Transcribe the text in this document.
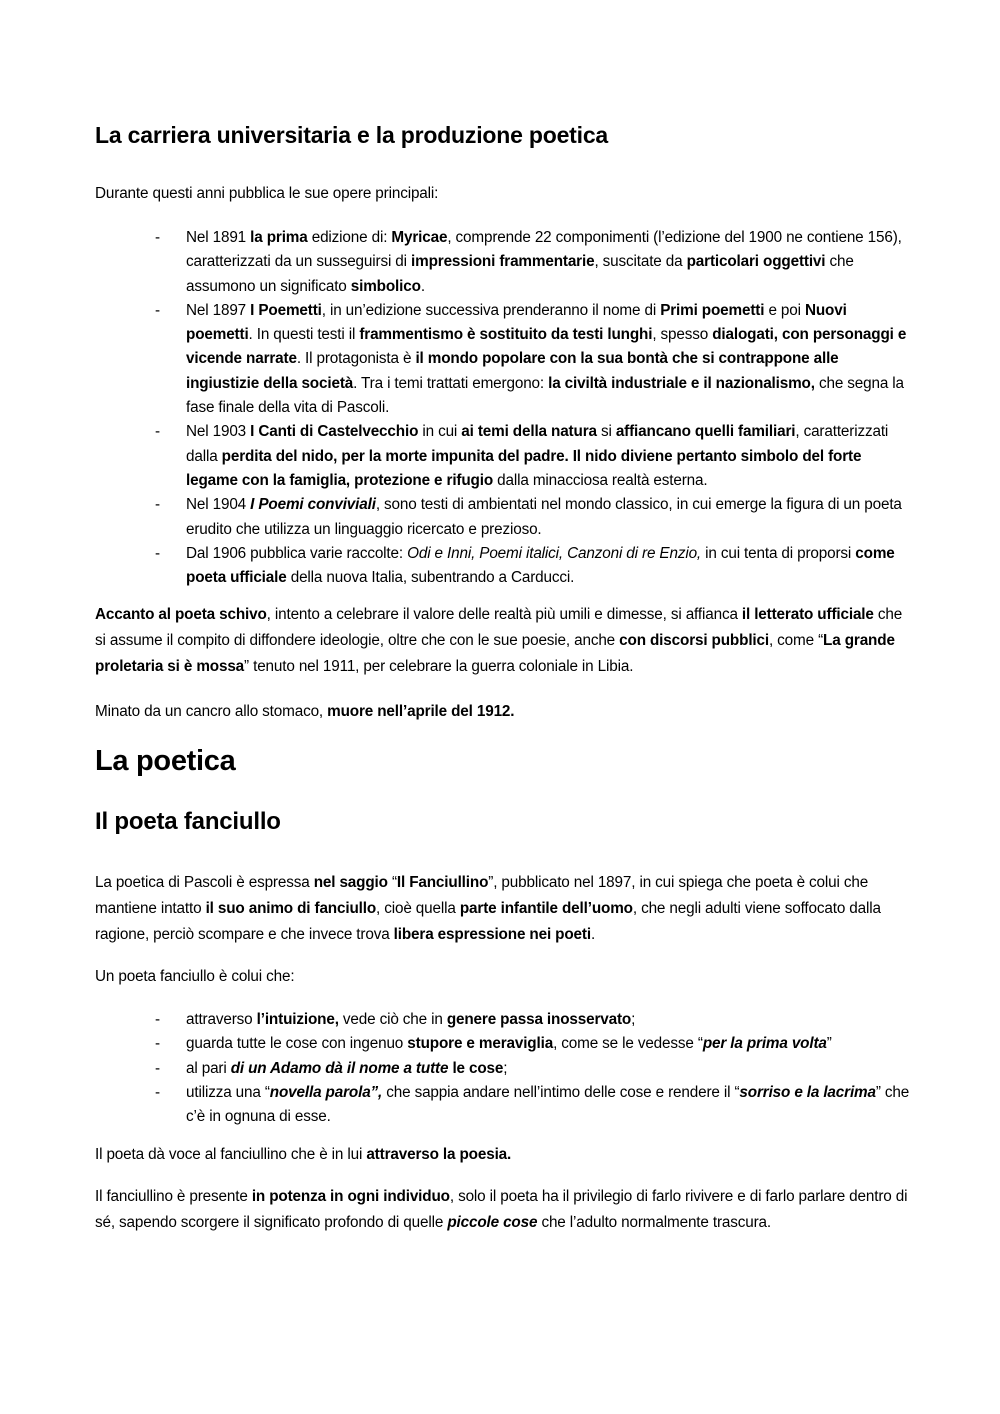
La carriera universitaria e la produzione poetica
Durante questi anni pubblica le sue opere principali:
- Nel 1891 la prima edizione di: Myricae, comprende 22 componimenti (l’edizione del 1900 ne contiene 156), caratterizzati da un susseguirsi di impressioni frammentarie, suscitate da particolari oggettivi che assumono un significato simbolico.
- Nel 1897 I Poemetti, in un’edizione successiva prenderanno il nome di Primi poemetti e poi Nuovi poemetti. In questi testi il frammentismo è sostituito da testi lunghi, spesso dialogati, con personaggi e vicende narrate. Il protagonista è il mondo popolare con la sua bontà che si contrappone alle ingiustizie della società. Tra i temi trattati emergono: la civiltà industriale e il nazionalismo, che segna la fase finale della vita di Pascoli.
- Nel 1903 I Canti di Castelvecchio in cui ai temi della natura si affiancano quelli familiari, caratterizzati dalla perdita del nido, per la morte impunita del padre. Il nido diviene pertanto simbolo del forte legame con la famiglia, protezione e rifugio dalla minacciosa realtà esterna.
- Nel 1904 I Poemi conviviali, sono testi di ambientati nel mondo classico, in cui emerge la figura di un poeta erudito che utilizza un linguaggio ricercato e prezioso.
- Dal 1906 pubblica varie raccolte: Odi e Inni, Poemi italici, Canzoni di re Enzio, in cui tenta di proporsi come poeta ufficiale della nuova Italia, subentrando a Carducci.
Accanto al poeta schivo, intento a celebrare il valore delle realtà più umili e dimesse, si affianca il letterato ufficiale che si assume il compito di diffondere ideologie, oltre che con le sue poesie, anche con discorsi pubblici, come “La grande proletaria si è mossa” tenuto nel 1911, per celebrare la guerra coloniale in Libia.
Minato da un cancro allo stomaco, muore nell’aprile del 1912.
La poetica
Il poeta fanciullo
La poetica di Pascoli è espressa nel saggio “Il Fanciullino”, pubblicato nel 1897, in cui spiega che poeta è colui che mantiene intatto il suo animo di fanciullo, cioè quella parte infantile dell’uomo, che negli adulti viene soffocato dalla ragione, perciò scompare e che invece trova libera espressione nei poeti.
Un poeta fanciullo è colui che:
- attraverso l’intuizione, vede ciò che in genere passa inosservato;
- guarda tutte le cose con ingenuo stupore e meraviglia, come se le vedesse “per la prima volta”
- al pari di un Adamo dà il nome a tutte le cose;
- utilizza una “novella parola”, che sappia andare nell’intimo delle cose e rendere il “sorriso e la lacrima” che c’è in ognuna di esse.
Il poeta dà voce al fanciullino che è in lui attraverso la poesia.
Il fanciullino è presente in potenza in ogni individuo, solo il poeta ha il privilegio di farlo rivivere e di farlo parlare dentro di sé, sapendo scorgere il significato profondo di quelle piccole cose che l’adulto normalmente trascura.
